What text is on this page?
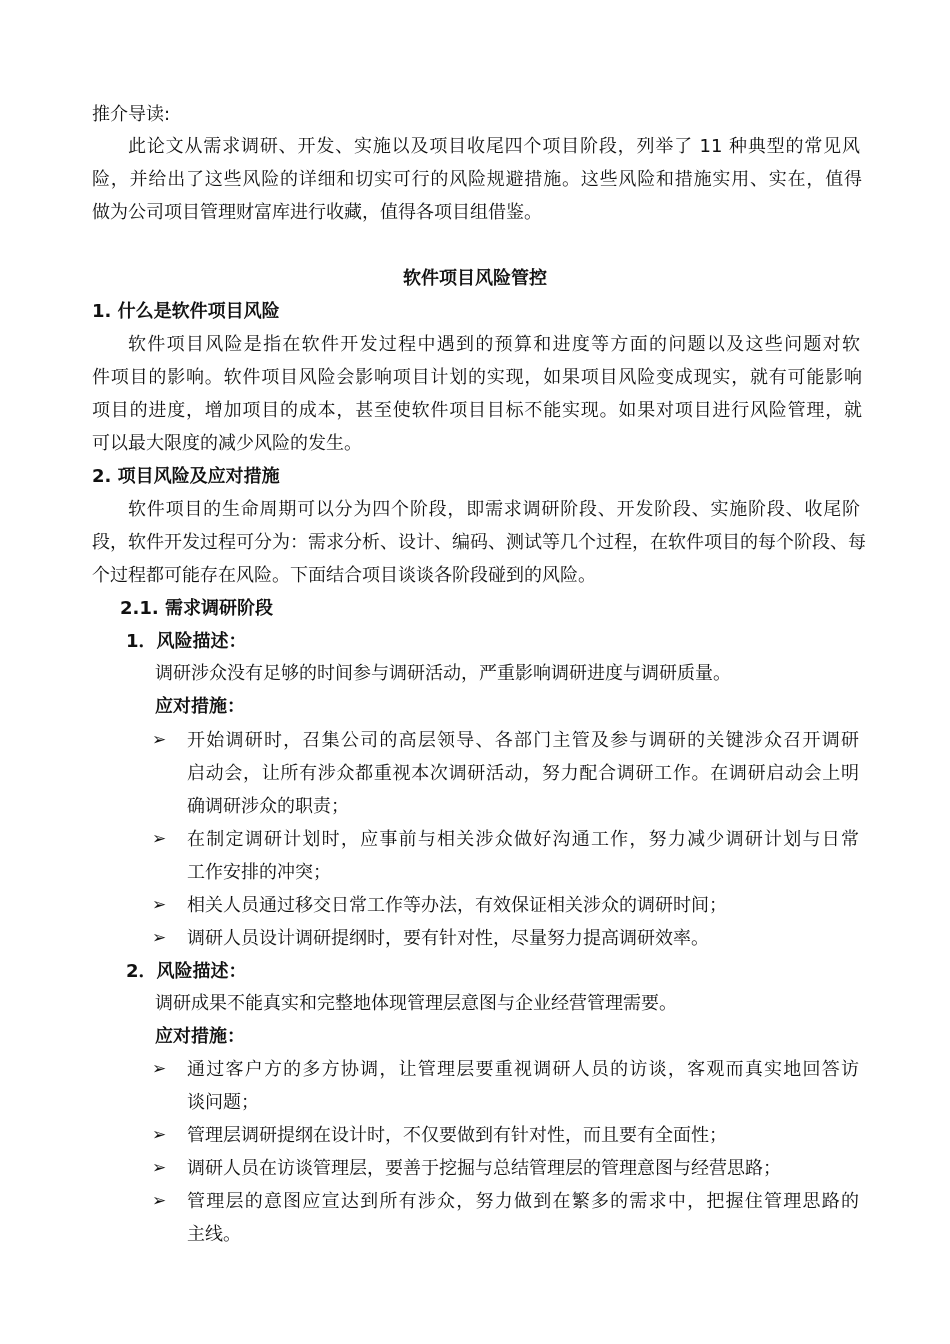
推介导读:
此论文从需求调研、开发、实施以及项目收尾四个项目阶段，列举了 11 种典型的常见风
险，并给出了这些风险的详细和切实可行的风险规避措施。这些风险和措施实用、实在，值得
做为公司项目管理财富库进行收藏，值得各项目组借鉴。
软件项目风险管控
1. 什么是软件项目风险
软件项目风险是指在软件开发过程中遇到的预算和进度等方面的问题以及这些问题对软
件项目的影响。软件项目风险会影响项目计划的实现，如果项目风险变成现实，就有可能影响
项目的进度，增加项目的成本，甚至使软件项目目标不能实现。如果对项目进行风险管理，就
可以最大限度的减少风险的发生。
2. 项目风险及应对措施
软件项目的生命周期可以分为四个阶段，即需求调研阶段、开发阶段、实施阶段、收尾阶
段，软件开发过程可分为：需求分析、设计、编码、测试等几个过程，在软件项目的每个阶段、每
个过程都可能存在风险。下面结合项目谈谈各阶段碰到的风险。
2.1. 需求调研阶段
1．风险描述：
调研涉众没有足够的时间参与调研活动，严重影响调研进度与调研质量。
应对措施：
➢	开始调研时，召集公司的高层领导、各部门主管及参与调研的关键涉众召开调研
启动会，让所有涉众都重视本次调研活动，努力配合调研工作。在调研启动会上明
确调研涉众的职责；
➢	在制定调研计划时，应事前与相关涉众做好沟通工作，努力减少调研计划与日常
工作安排的冲突；
➢	相关人员通过移交日常工作等办法，有效保证相关涉众的调研时间；
➢	调研人员设计调研提纲时，要有针对性，尽量努力提高调研效率。
2．风险描述：
调研成果不能真实和完整地体现管理层意图与企业经营管理需要。
应对措施：
➢	通过客户方的多方协调，让管理层要重视调研人员的访谈，客观而真实地回答访
谈问题；
➢	管理层调研提纲在设计时，不仅要做到有针对性，而且要有全面性；
➢	调研人员在访谈管理层，要善于挖掘与总结管理层的管理意图与经营思路；
➢	管理层的意图应宣达到所有涉众，努力做到在繁多的需求中，把握住管理思路的
主线。
